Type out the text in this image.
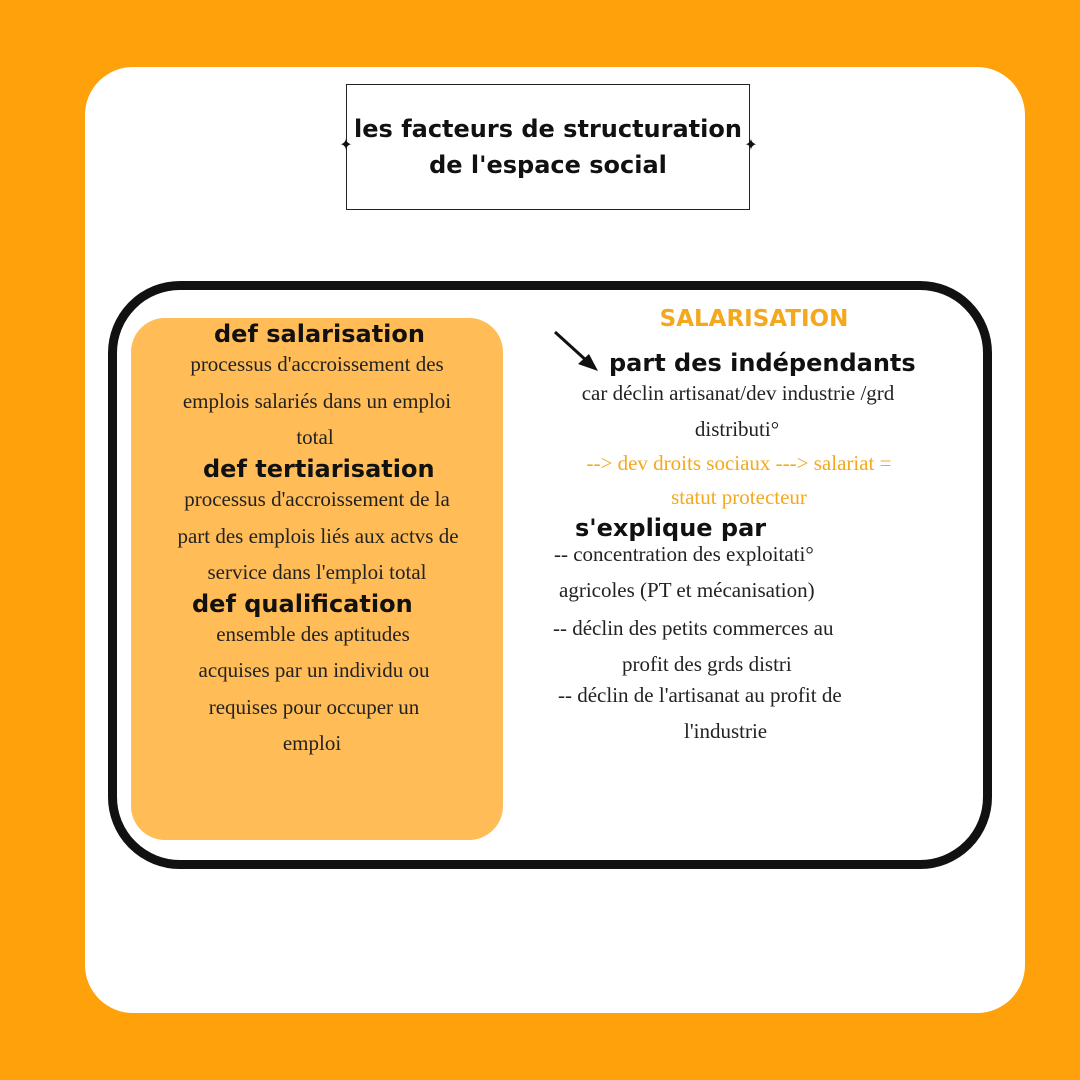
les facteurs de structuration
de l'espace social
✦	✦
def salarisation
processus d'accroissement des
emplois salariés dans un emploi
total
def tertiarisation
processus d'accroissement de la
part des emplois liés aux actvs de
service dans l'emploi total
def qualification
ensemble des aptitudes
acquises par un individu ou
requises pour occuper un
emploi
SALARISATION
part des indépendants
car déclin artisanat/dev industrie /grd
distributi°
--> dev droits sociaux ---> salariat =
statut protecteur
s'explique par
-- concentration des exploitati°
agricoles (PT et mécanisation)
-- déclin des petits commerces au
profit des grds distri
-- déclin de l'artisanat au profit de
l'industrie
